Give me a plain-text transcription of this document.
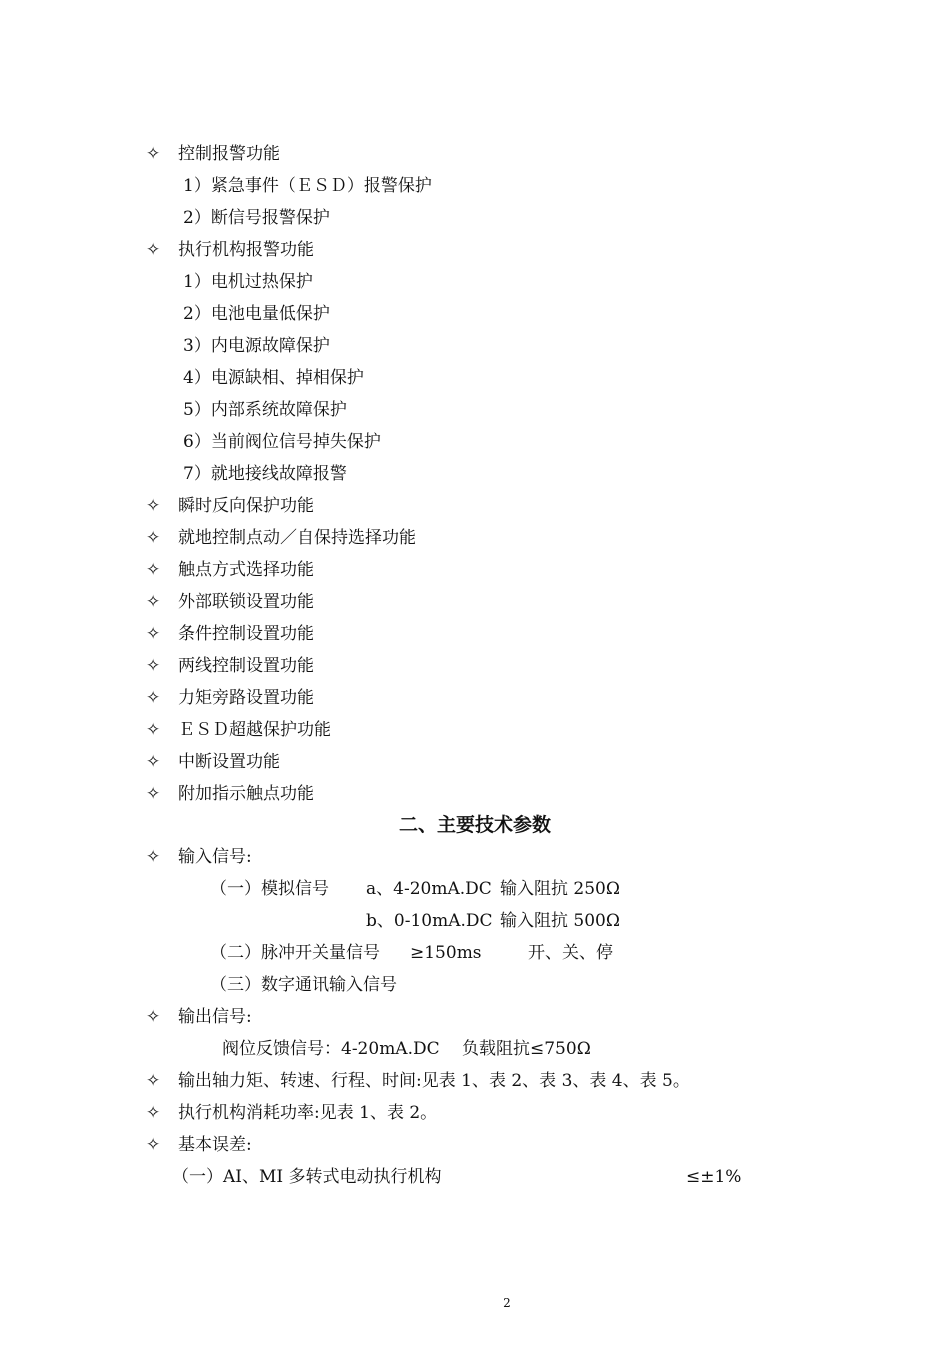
✧ 控制报警功能
1）紧急事件（ＥＳＤ）报警保护
2）断信号报警保护
✧ 执行机构报警功能
1）电机过热保护
2）电池电量低保护
3）内电源故障保护
4）电源缺相、掉相保护
5）内部系统故障保护
6）当前阀位信号掉失保护
7）就地接线故障报警
✧ 瞬时反向保护功能
✧ 就地控制点动／自保持选择功能
✧ 触点方式选择功能
✧ 外部联锁设置功能
✧ 条件控制设置功能
✧ 两线控制设置功能
✧ 力矩旁路设置功能
✧ ＥＳＤ超越保护功能
✧ 中断设置功能
✧ 附加指示触点功能
二、主要技术参数
✧ 输入信号:
（一）模拟信号 a、4-20mA.DC 输入阻抗 250Ω
b、0-10mA.DC 输入阻抗 500Ω
（二）脉冲开关量信号 ≥150ms	开、关、停
（三）数字通讯输入信号
✧ 输出信号:
阀位反馈信号：4-20mA.DC 负载阻抗≤750Ω
✧ 输出轴力矩、转速、行程、时间:见表 1、表 2、表 3、表 4、表 5。
✧ 执行机构消耗功率:见表 1、表 2。
✧ 基本误差:
（一）AI、MI 多转式电动执行机构	≤±1%
2
